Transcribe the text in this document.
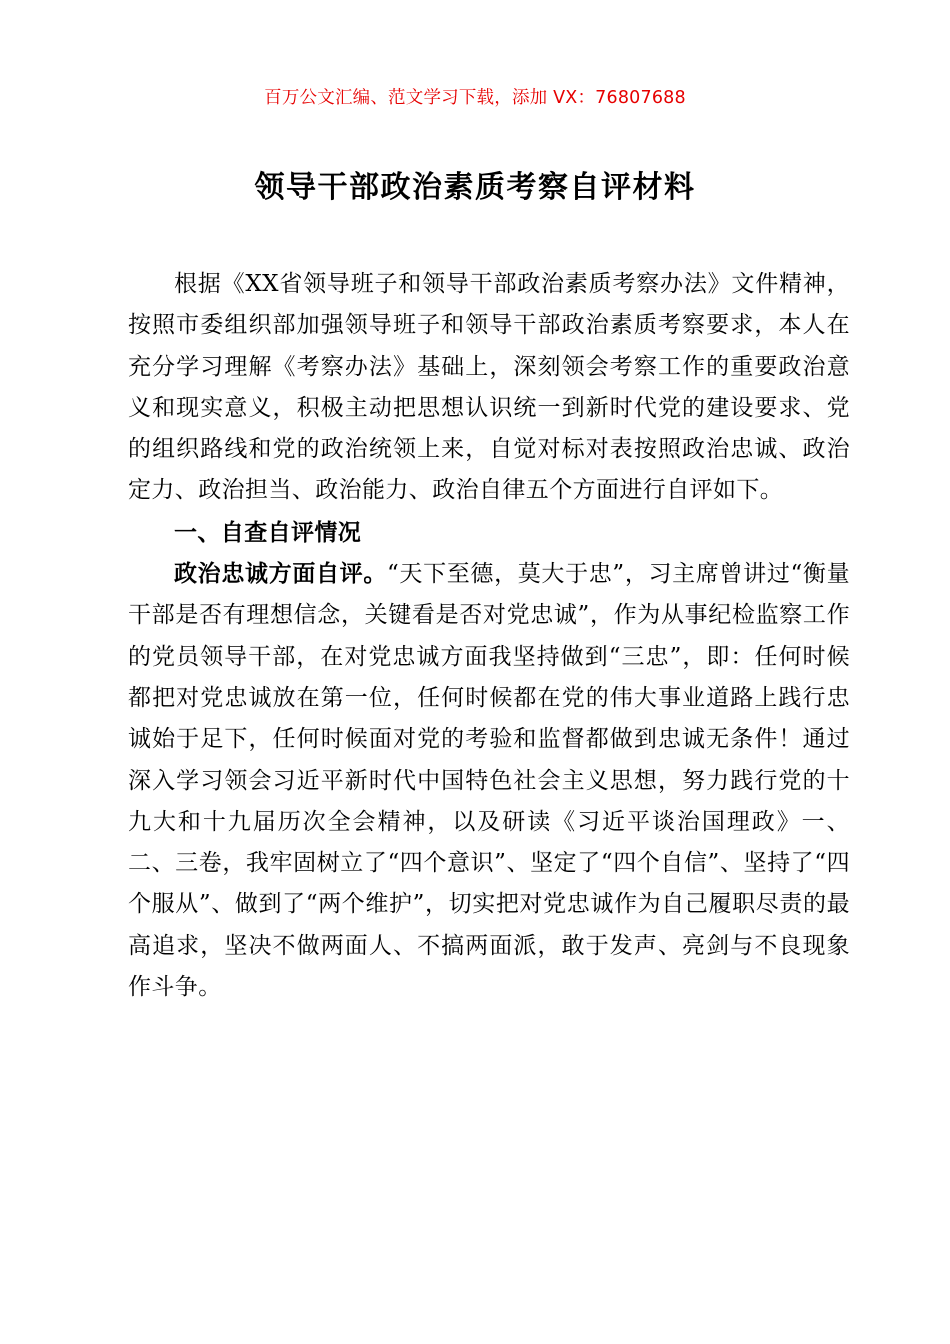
百万公文汇编、范文学习下载，添加 VX：76807688
领导干部政治素质考察自评材料

根据《XX省领导班子和领导干部政治素质考察办法》文件精神，按照市委组织部加强领导班子和领导干部政治素质考察要求，本人在充分学习理解《考察办法》基础上，深刻领会考察工作的重要政治意义和现实意义，积极主动把思想认识统一到新时代党的建设要求、党的组织路线和党的政治统领上来，自觉对标对表按照政治忠诚、政治定力、政治担当、政治能力、政治自律五个方面进行自评如下。

一、自查自评情况

政治忠诚方面自评。“天下至德，莫大于忠”，习主席曾讲过“衡量干部是否有理想信念，关键看是否对党忠诚”，作为从事纪检监察工作的党员领导干部，在对党忠诚方面我坚持做到“三忠”，即：任何时候都把对党忠诚放在第一位，任何时候都在党的伟大事业道路上践行忠诚始于足下，任何时候面对党的考验和监督都做到忠诚无条件！通过深入学习领会习近平新时代中国特色社会主义思想，努力践行党的十九大和十九届历次全会精神，以及研读《习近平谈治国理政》一、二、三卷，我牢固树立了“四个意识”、坚定了“四个自信”、坚持了“四个服从”、做到了“两个维护”，切实把对党忠诚作为自己履职尽责的最高追求，坚决不做两面人、不搞两面派，敢于发声、亮剑与不良现象作斗争。
